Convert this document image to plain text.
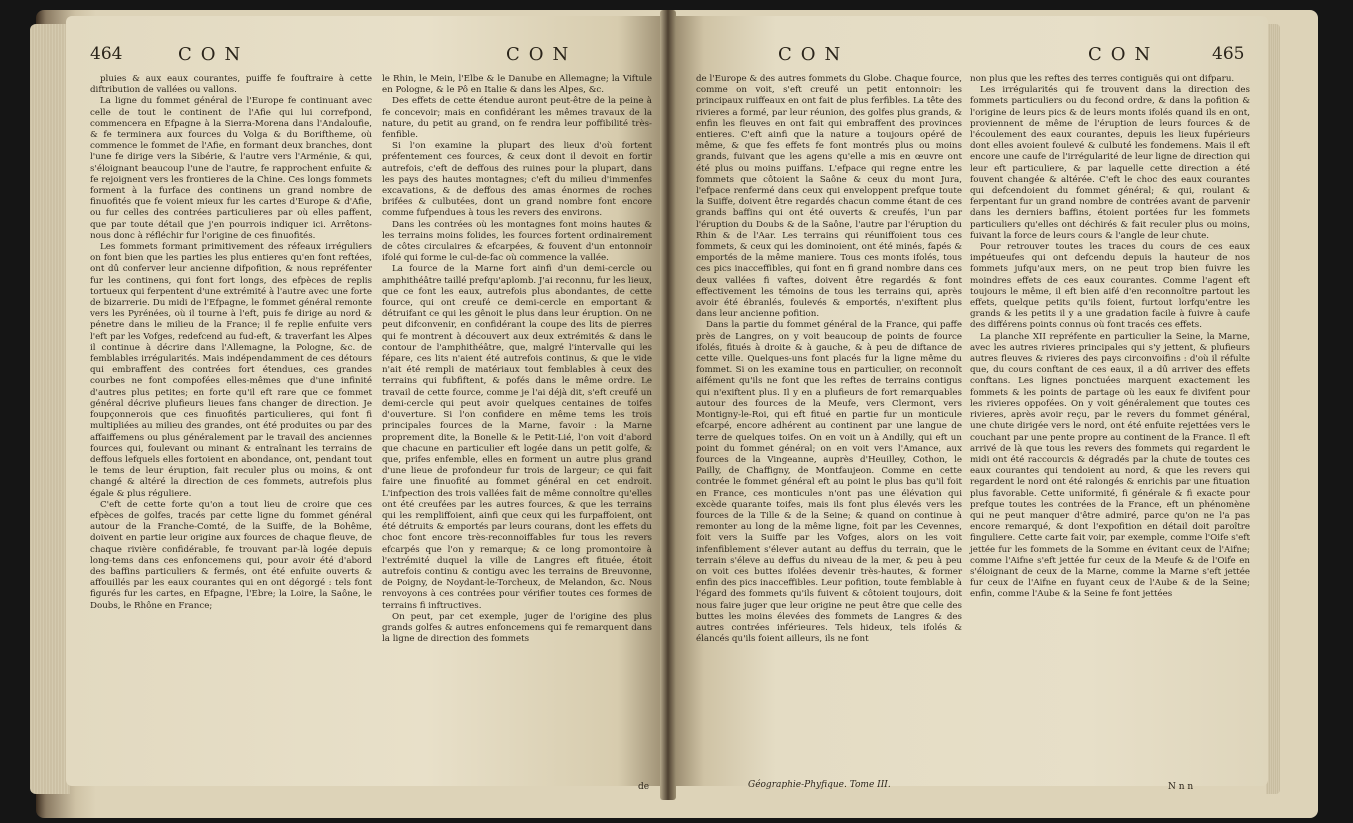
464	CON	CON

pluies & aux eaux courantes, puiffe fe fouftraire à cette diftribution de vallées ou vallons.

La ligne du fommet général de l'Europe fe continuant avec celle de tout le continent de l'Afie qui lui correfpond, commencera en Efpagne à la Sierra-Morena dans l'Andaloufie, & fe terminera aux fources du Volga & du Boriftheme, où commence le fommet de l'Afie, en formant deux branches, dont l'une fe dirige vers la Sibérie, & l'autre vers l'Arménie, & qui, s'éloignant beaucoup l'une de l'autre, fe rapprochent enfuite & fe rejoignent vers les frontieres de la Chine. Ces longs fommets forment à la furface des continens un grand nombre de finuofités que fe voient mieux fur les cartes d'Europe & d'Afie, ou fur celles des contrées particulieres par où elles paffent, que par toute détail que j'en pourrois indiquer ici. Arrêtons-nous donc à réfléchir fur l'origine de ces finuofités.

Les fommets formant primitivement des réfeaux irréguliers on font bien que les parties les plus entieres qu'en font reftées, ont dû conferver leur ancienne difpofition, & nous repréfenter fur les continens, qui font fort longs, des efpèces de replis tortueux qui ferpentent d'une extrémité à l'autre avec une forte de bizarrerie. Du midi de l'Efpagne, le fommet général remonte vers les Pyrénées, où il tourne à l'eft, puis fe dirige au nord & pénetre dans le milieu de la France; il fe replie enfuite vers l'eft par les Vofges, redefcend au fud-eft, & traverfant les Alpes il continue à décrire dans l'Allemagne, la Pologne, &c. de femblables irrégularités. Mais indépendamment de ces détours qui embraffent des contrées fort étendues, ces grandes courbes ne font compofées elles-mêmes que d'une infinité d'autres plus petites; en forte qu'il eft rare que ce fommet général décrive plufieurs lieues fans changer de direction. Je foupçonnerois que ces finuofités particulieres, qui font fi multipliées au milieu des grandes, ont été produites ou par des affaiffemens ou plus généralement par le travail des anciennes fources qui, foulevant ou minant & entraînant les terrains de deffous lefquels elles fortoient en abondance, ont, pendant tout le tems de leur éruption, fait reculer plus ou moins, & ont changé & altéré la direction de ces fommets, autrefois plus égale & plus réguliere.

C'eft de cette forte qu'on a tout lieu de croire que ces efpèces de golfes, tracés par cette ligne du fommet général autour de la Franche-Comté, de la Suiffe, de la Bohême, doivent en partie leur origine aux fources de chaque fleuve, de chaque rivière confidérable, fe trouvant par-là logée depuis long-tems dans ces enfoncemens qui, pour avoir été d'abord des baffins particuliers & fermés, ont été enfuite ouverts & affouillés par les eaux courantes qui en ont dégorgé : tels font figurés fur les cartes, en Efpagne, l'Ebre; la Loire, la Saône, le Doubs, le Rhône en France;

le Rhin, le Mein, l'Elbe & le Danube en Allemagne; la Viftule en Pologne, & le Pô en Italie & dans les Alpes, &c.

Des effets de cette étendue auront peut-être de la peine à fe concevoir; mais en confidérant les mêmes travaux de la nature, du petit au grand, on fe rendra leur poffibilité très-fenfible.

Si l'on examine la plupart des lieux d'où fortent préfentement ces fources, & ceux dont il devoit en fortir autrefois, c'eft de deffous des ruines pour la plupart, dans les pays des hautes montagnes; c'eft du milieu d'immenfes excavations, & de deffous des amas énormes de roches brifées & culbutées, dont un grand nombre font encore comme fufpendues à tous les revers des environs.

Dans les contrées où les montagnes font moins hautes & les terrains moins folides, les fources fortent ordinairement de côtes circulaires & efcarpées, & fouvent d'un entonnoir ifolé qui forme le cul-de-fac où commence la vallée.

La fource de la Marne fort ainfi d'un demi-cercle ou amphithéâtre taillé prefqu'aplomb. J'ai reconnu, fur les lieux, que ce font les eaux, autrefois plus abondantes, de cette fource, qui ont creufé ce demi-cercle en emportant & détruifant ce qui les gênoit le plus dans leur éruption. On ne peut difconvenir, en confidérant la coupe des lits de pierres qui fe montrent à découvert aux deux extrémités & dans le contour de l'amphithéâtre, que, malgré l'intervalle qui les fépare, ces lits n'aient été autrefois continus, & que le vide n'ait été rempli de matériaux tout femblables à ceux des terrains qui fubfiftent, & pofés dans le même ordre. Le travail de cette fource, comme je l'ai déjà dit, s'eft creufé un demi-cercle qui peut avoir quelques centaines de toifes d'ouverture. Si l'on confidere en même tems les trois principales fources de la Marne, favoir : la Marne proprement dite, la Bonelle & le Petit-Lié, l'on voit d'abord que chacune en particulier eft logée dans un petit golfe, & que, prifes enfemble, elles en forment un autre plus grand d'une lieue de profondeur fur trois de largeur; ce qui fait faire une finuofité au fommet général en cet endroit. L'infpection des trois vallées fait de même connoître qu'elles ont été creufées par les autres fources, & que les terrains qui les rempliffoient, ainfi que ceux qui les furpaffoient, ont été détruits & emportés par leurs courans, dont les effets du choc font encore très-reconnoiffables fur tous les revers efcarpés que l'on y remarque; & ce long promontoire à l'extrémité duquel la ville de Langres eft fituée, étoit autrefois continu & contigu avec les terrains de Breuvonne, de Poigny, de Noydant-le-Torcheux, de Melandon, &c. Nous renvoyons à ces contrées pour vérifier toutes ces formes de terrains fi inftructives.

On peut, par cet exemple, juger de l'origine des plus grands golfes & autres enfoncemens qui fe remarquent dans la ligne de direction des fommets

de
CON	CON	465

de l'Europe & des autres fommets du Globe. Chaque fource, comme on voit, s'eft creufé un petit entonnoir: les principaux ruiffeaux en ont fait de plus ferfibles. La tête des rivieres a formé, par leur réunion, des golfes plus grands, & enfin les fleuves en ont fait qui embraffent des provinces entieres. C'eft ainfi que la nature a toujours opéré de même, & que fes effets fe font montrés plus ou moins grands, fuivant que les agens qu'elle a mis en œuvre ont été plus ou moins puiffans. L'efpace qui regne entre les fommets que côtoient la Saône & ceux du mont Jura, l'efpace renfermé dans ceux qui enveloppent prefque toute la Suiffe, doivent être regardés chacun comme étant de ces grands baffins qui ont été ouverts & creufés, l'un par l'éruption du Doubs & de la Saône, l'autre par l'éruption du Rhin & de l'Aar. Les terrains qui réuniffoient tous ces fommets, & ceux qui les dominoient, ont été minés, fapés & emportés de la même maniere. Tous ces monts ifolés, tous ces pics inacceffibles, qui font en fi grand nombre dans ces deux vallées fi vaftes, doivent être regardés & font effectivement les témoins de tous les terrains qui, après avoir été ébranlés, foulevés & emportés, n'exiftent plus dans leur ancienne pofition.

Dans la partie du fommet général de la France, qui paffe près de Langres, on y voit beaucoup de points de fource ifolés, fitués à droite & à gauche, & à peu de diftance de cette ville. Quelques-uns font placés fur la ligne même du fommet. Si on les examine tous en particulier, on reconnoît aifément qu'ils ne font que les reftes de terrains contigus qui n'exiftent plus. Il y en a plufieurs de fort remarquables autour des fources de la Meufe, vers Clermont, vers Montigny-le-Roi, qui eft fitué en partie fur un monticule efcarpé, encore adhérent au continent par une langue de terre de quelques toifes. On en voit un à Andilly, qui eft un point du fommet général; on en voit vers l'Amance, aux fources de la Vingeanne, auprès d'Heuilley, Cothon, le Pailly, de Chaffigny, de Montfaujeon. Comme en cette contrée le fommet général eft au point le plus bas qu'il foit en France, ces monticules n'ont pas une élévation qui excède quarante toifes, mais ils font plus élevés vers les fources de la Tille & de la Seine; & quand on continue à remonter au long de la même ligne, foit par les Cevennes, foit vers la Suiffe par les Vofges, alors on les voit infenfiblement s'élever autant au deffus du terrain, que le terrain s'éleve au deffus du niveau de la mer, & peu à peu on voit ces buttes ifolées devenir très-hautes, & former enfin des pics inacceffibles. Leur pofition, toute femblable à l'égard des fommets qu'ils fuivent & côtoient toujours, doit nous faire juger que leur origine ne peut être que celle des buttes les moins élevées des fommets de Langres & des autres contrées inférieures. Tels hideux, tels ifolés & élancés qu'ils foient ailleurs, ils ne font

non plus que les reftes des terres contiguës qui ont difparu.

Les irrégularités qui fe trouvent dans la direction des fommets particuliers ou du fecond ordre, & dans la pofition & l'origine de leurs pics & de leurs monts ifolés quand ils en ont, proviennent de même de l'éruption de leurs fources & de l'écoulement des eaux courantes, depuis les lieux fupérieurs dont elles avoient foulevé & culbuté les fondemens. Mais il eft encore une caufe de l'irrégularité de leur ligne de direction qui leur eft particuliere, & par laquelle cette direction a été fouvent changée & altérée. C'eft le choc des eaux courantes qui defcendoient du fommet général; & qui, roulant & ferpentant fur un grand nombre de contrées avant de parvenir dans les derniers baffins, étoient portées fur les fommets particuliers qu'elles ont déchirés & fait reculer plus ou moins, fuivant la force de leurs cours & l'angle de leur chute.

Pour retrouver toutes les traces du cours de ces eaux impétueufes qui ont defcendu depuis la hauteur de nos fommets jufqu'aux mers, on ne peut trop bien fuivre les moindres effets de ces eaux courantes. Comme l'agent eft toujours le même, il eft bien aifé d'en reconnoître partout les effets, quelque petits qu'ils foient, furtout lorfqu'entre les grands & les petits il y a une gradation facile à fuivre à caufe des différens points connus où font tracés ces effets.

La planche XII repréfente en particulier la Seine, la Marne, avec les autres rivieres principales qui s'y jettent, & plufieurs autres fleuves & rivieres des pays circonvoifins : d'où il réfulte que, du cours conftant de ces eaux, il a dû arriver des effets conftans. Les lignes ponctuées marquent exactement les fommets & les points de partage où les eaux fe divifent pour les rivieres oppofées. On y voit généralement que toutes ces rivieres, après avoir reçu, par le revers du fommet général, une chute dirigée vers le nord, ont été enfuite rejettées vers le couchant par une pente propre au continent de la France. Il eft arrivé de là que tous les revers des fommets qui regardent le midi ont été raccourcis & dégradés par la chute de toutes ces eaux courantes qui tendoient au nord, & que les revers qui regardent le nord ont été ralongés & enrichis par une fituation plus favorable. Cette uniformité, fi générale & fi exacte pour prefque toutes les contrées de la France, eft un phénomène qui ne peut manquer d'être admiré, parce qu'on ne l'a pas encore remarqué, & dont l'expofition en détail doit paroître finguliere. Cette carte fait voir, par exemple, comme l'Oife s'eft jettée fur les fommets de la Somme en évitant ceux de l'Aifne; comme l'Aifne s'eft jettée fur ceux de la Meufe & de l'Oife en s'éloignant de ceux de la Marne, comme la Marne s'eft jettée fur ceux de l'Aifne en fuyant ceux de l'Aube & de la Seine; enfin, comme l'Aube & la Seine fe font jettées

Géographie-Phyfique. Tome III.	N n n
